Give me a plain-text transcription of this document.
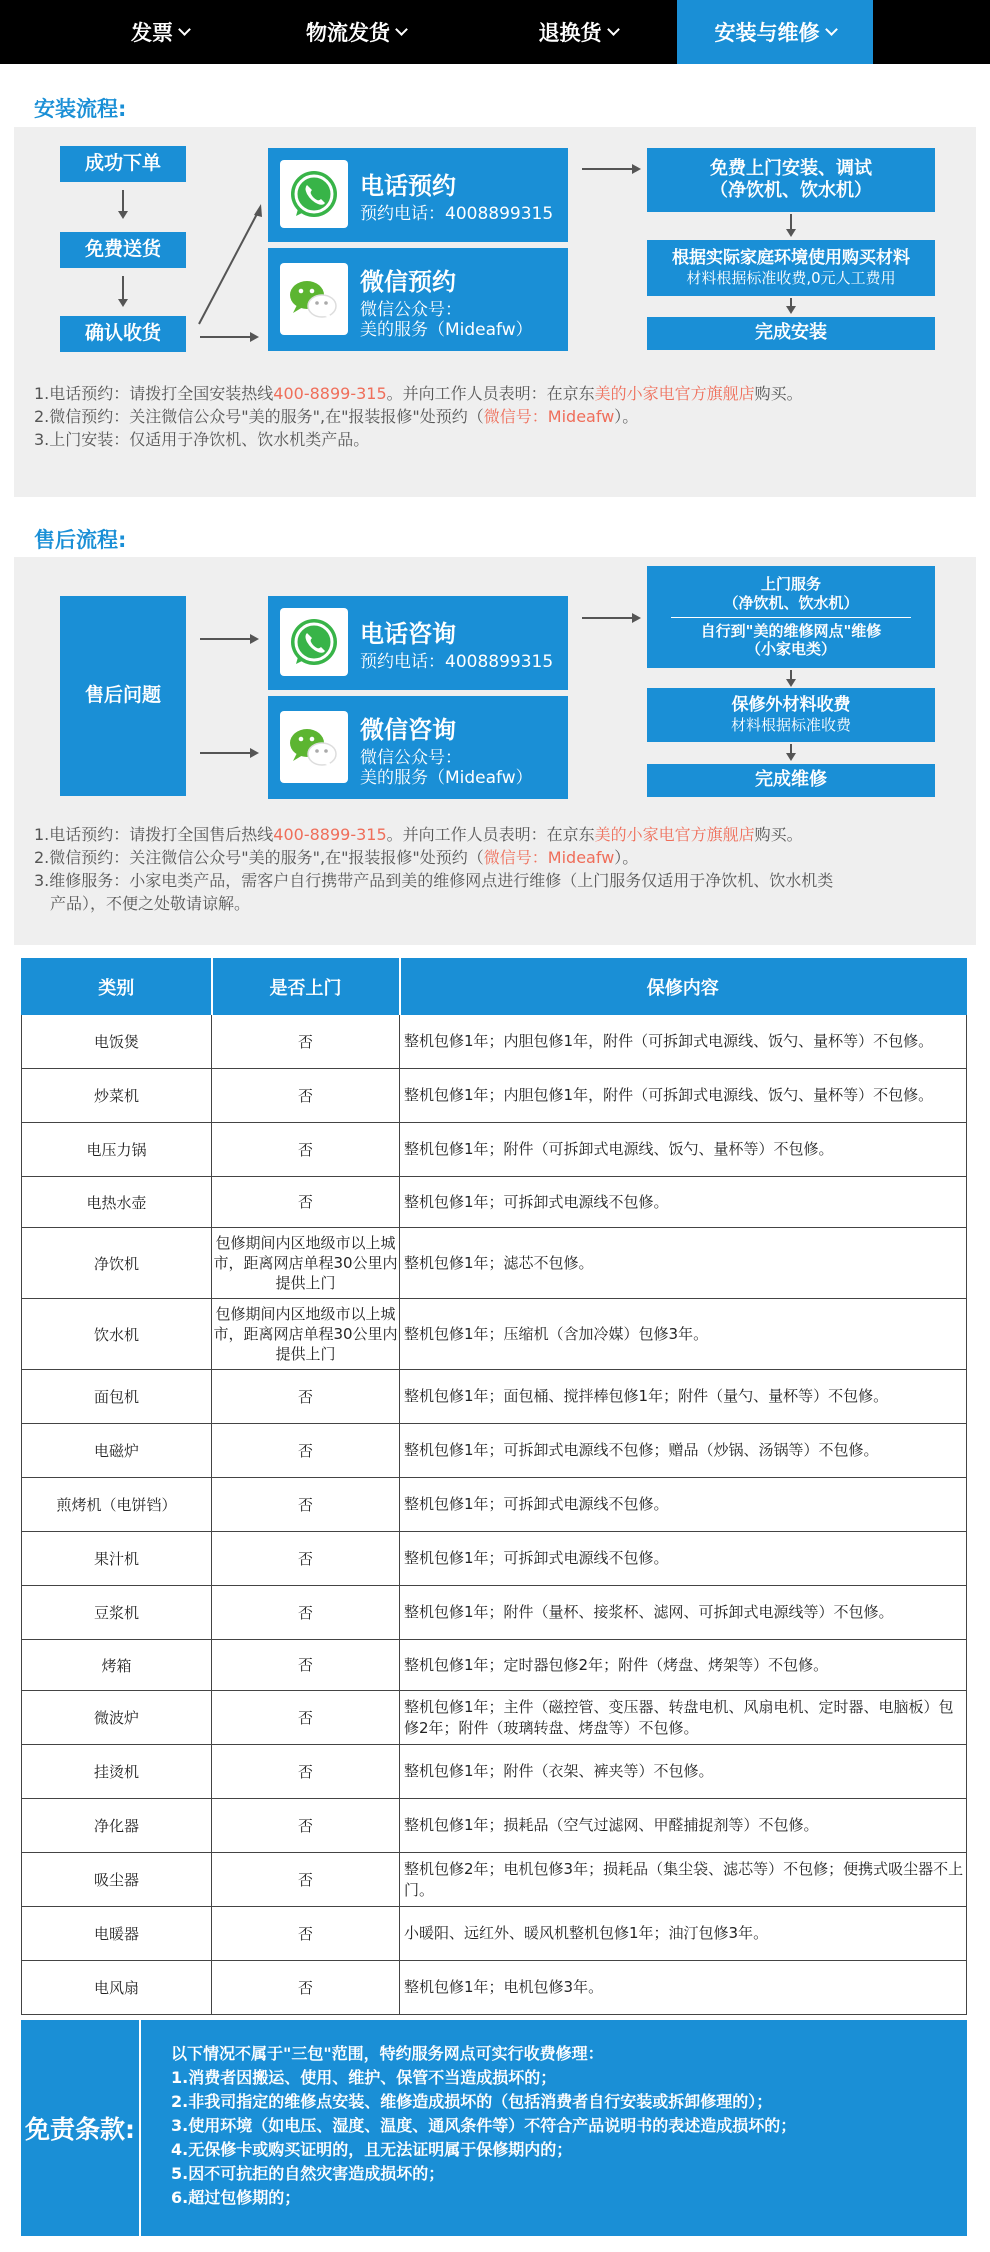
发票	物流发货	退换货	安装与维修
安装流程:
成功下单
免费送货
确认收货
电话预约
预约电话：4008899315
微信预约
微信公众号：
美的服务（Mideafw）
免费上门安装、调试
（净饮机、饮水机）
根据实际家庭环境使用购买材料
材料根据标准收费,0元人工费用
完成安装
1.电话预约：请拨打全国安装热线400-8899-315。并向工作人员表明：在京东美的小家电官方旗舰店购买。
2.微信预约：关注微信公众号"美的服务",在"报装报修"处预约（微信号：Mideafw）。
3.上门安装：仅适用于净饮机、饮水机类产品。
售后流程:
售后问题
电话咨询
预约电话：4008899315
微信咨询
微信公众号：
美的服务（Mideafw）
上门服务
（净饮机、饮水机）
自行到"美的维修网点"维修
（小家电类）
保修外材料收费
材料根据标准收费
完成维修
1.电话预约：请拨打全国售后热线400-8899-315。并向工作人员表明：在京东美的小家电官方旗舰店购买。
2.微信预约：关注微信公众号"美的服务",在"报装报修"处预约（微信号：Mideafw）。
3.维修服务：小家电类产品，需客户自行携带产品到美的维修网点进行维修（上门服务仅适用于净饮机、饮水机类
产品），不便之处敬请谅解。
类别	是否上门	保修内容
电饭煲	否	整机包修1年；内胆包修1年，附件（可拆卸式电源线、饭勺、量杯等）不包修。
炒菜机	否	整机包修1年；内胆包修1年，附件（可拆卸式电源线、饭勺、量杯等）不包修。
电压力锅	否	整机包修1年；附件（可拆卸式电源线、饭勺、量杯等）不包修。
电热水壶	否	整机包修1年；可拆卸式电源线不包修。
净饮机	包修期间内区地级市以上城市，距离网店单程30公里内提供上门	整机包修1年；滤芯不包修。
饮水机	包修期间内区地级市以上城市，距离网店单程30公里内提供上门	整机包修1年；压缩机（含加冷媒）包修3年。
面包机	否	整机包修1年；面包桶、搅拌棒包修1年；附件（量勺、量杯等）不包修。
电磁炉	否	整机包修1年；可拆卸式电源线不包修；赠品（炒锅、汤锅等）不包修。
煎烤机（电饼铛）	否	整机包修1年；可拆卸式电源线不包修。
果汁机	否	整机包修1年；可拆卸式电源线不包修。
豆浆机	否	整机包修1年；附件（量杯、接浆杯、滤网、可拆卸式电源线等）不包修。
烤箱	否	整机包修1年；定时器包修2年；附件（烤盘、烤架等）不包修。
微波炉	否	整机包修1年；主件（磁控管、变压器、转盘电机、风扇电机、定时器、电脑板）包修2年；附件（玻璃转盘、烤盘等）不包修。
挂烫机	否	整机包修1年；附件（衣架、裤夹等）不包修。
净化器	否	整机包修1年；损耗品（空气过滤网、甲醛捕捉剂等）不包修。
吸尘器	否	整机包修2年；电机包修3年；损耗品（集尘袋、滤芯等）不包修；便携式吸尘器不上门。
电暖器	否	小暖阳、远红外、暖风机整机包修1年；油汀包修3年。
电风扇	否	整机包修1年；电机包修3年。
免责条款:
以下情况不属于"三包"范围，特约服务网点可实行收费修理：
1.消费者因搬运、使用、维护、保管不当造成损坏的；
2.非我司指定的维修点安装、维修造成损坏的（包括消费者自行安装或拆卸修理的）；
3.使用环境（如电压、湿度、温度、通风条件等）不符合产品说明书的表述造成损坏的；
4.无保修卡或购买证明的，且无法证明属于保修期内的；
5.因不可抗拒的自然灾害造成损坏的；
6.超过包修期的；
